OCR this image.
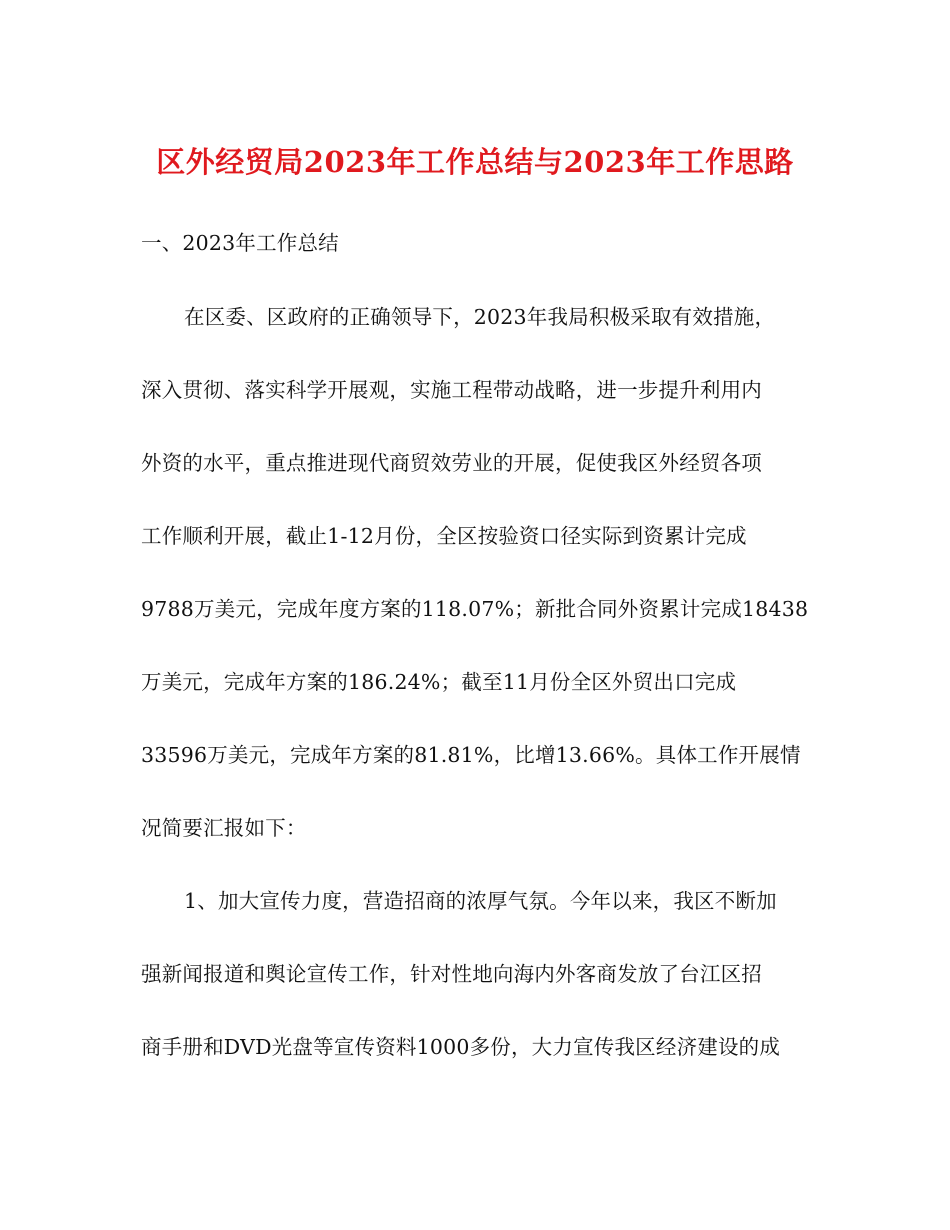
区外经贸局2023年工作总结与2023年工作思路
一、2023年工作总结
在区委、区政府的正确领导下，2023年我局积极采取有效措施，
深入贯彻、落实科学开展观，实施工程带动战略，进一步提升利用内
外资的水平，重点推进现代商贸效劳业的开展，促使我区外经贸各项
工作顺利开展，截止1-12月份，全区按验资口径实际到资累计完成
9788万美元，完成年度方案的118.07%；新批合同外资累计完成18438
万美元，完成年方案的186.24%；截至11月份全区外贸出口完成
33596万美元，完成年方案的81.81%，比增13.66%。具体工作开展情
况简要汇报如下：
1、加大宣传力度，营造招商的浓厚气氛。今年以来，我区不断加
强新闻报道和舆论宣传工作，针对性地向海内外客商发放了台江区招
商手册和DVD光盘等宣传资料1000多份，大力宣传我区经济建设的成
